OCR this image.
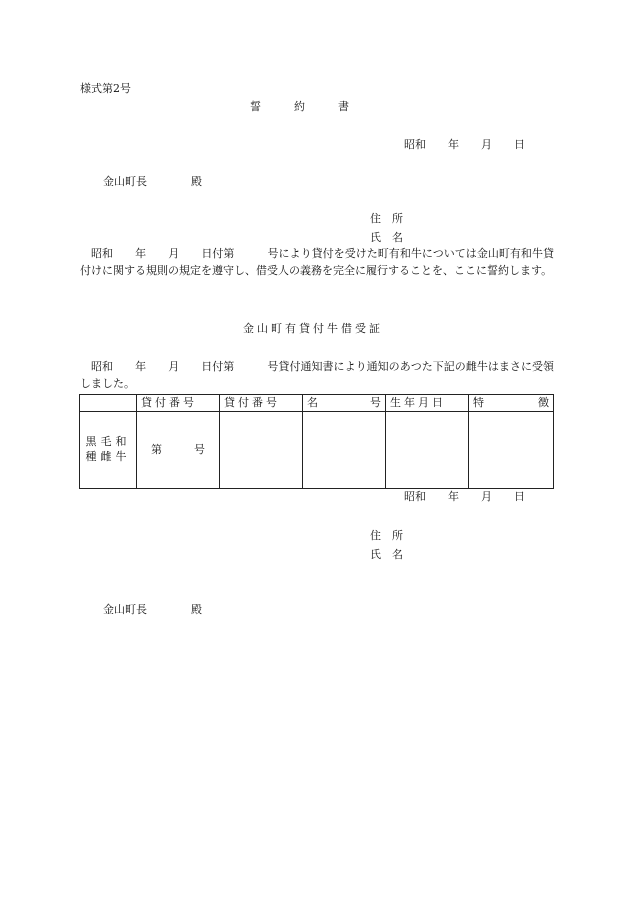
様式第2号
誓　　　約　　　書
昭和　　年　　月　　日
金山町長　　　　殿
住　所
氏　名
　昭和　　年　　月　　日付第　　　号により貸付を受けた町有和牛については金山町有和牛貸付けに関する規則の規定を遵守し、借受人の義務を完全に履行することを、ここに誓約します。
金山町有貸付牛借受証
　昭和　　年　　月　　日付第　　　号貸付通知書により通知のあつた下記の雌牛はまさに受領しました。
	貸付番号	貸付番号	名 号	生年月日	特 徴

黒毛和
種雌牛	第 号				

昭和　　年　　月　　日
住　所
氏　名
金山町長　　　　殿
